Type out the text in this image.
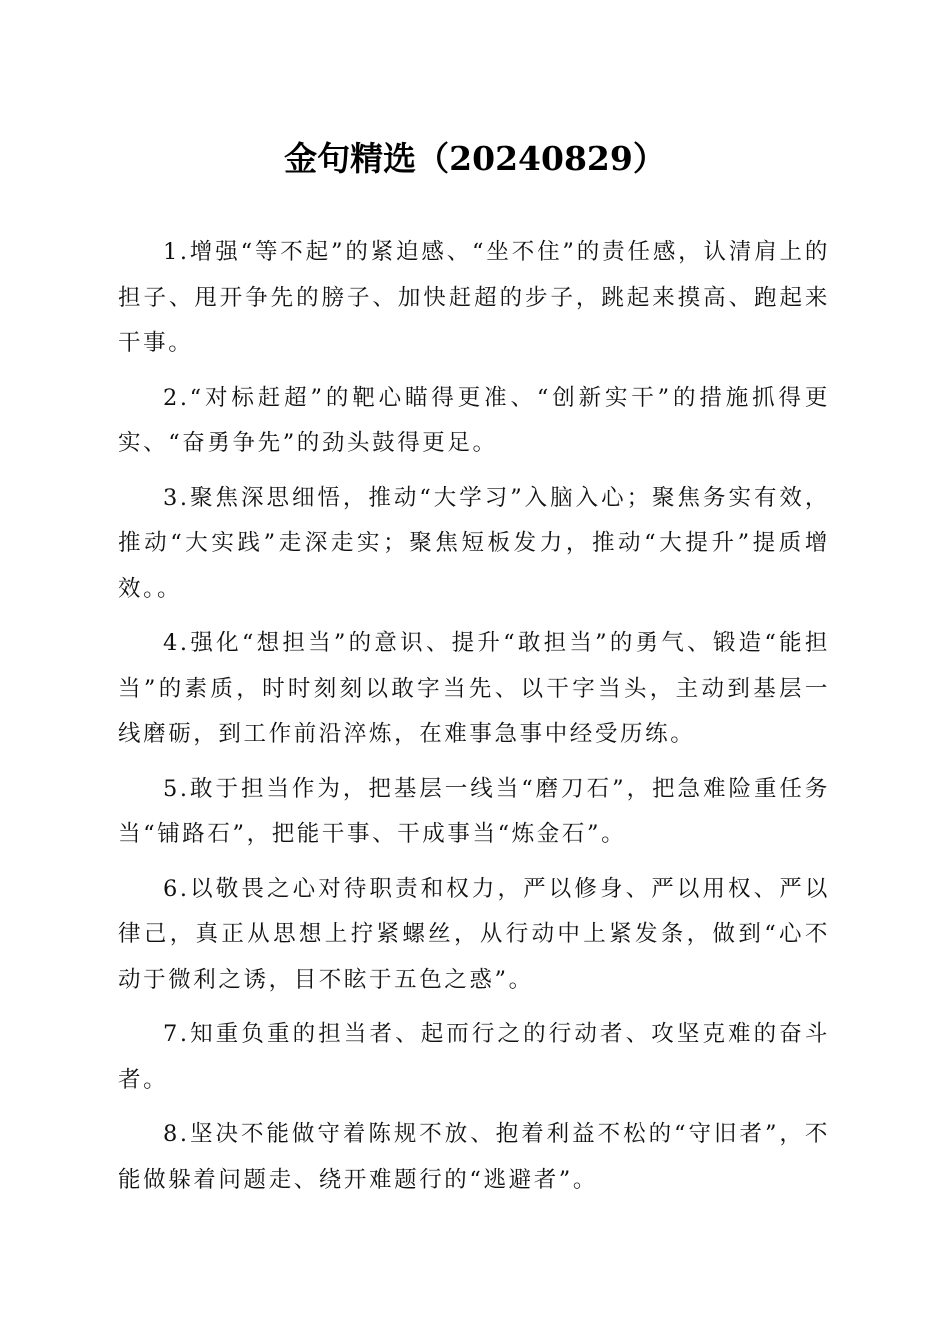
金句精选（20240829）

1.增强“等不起”的紧迫感、“坐不住”的责任感，认清肩上的担子、甩开争先的膀子、加快赶超的步子，跳起来摸高、跑起来干事。

2.“对标赶超”的靶心瞄得更准、“创新实干”的措施抓得更实、“奋勇争先”的劲头鼓得更足。

3.聚焦深思细悟，推动“大学习”入脑入心；聚焦务实有效，推动“大实践”走深走实；聚焦短板发力，推动“大提升”提质增效。。

4.强化“想担当”的意识、提升“敢担当”的勇气、锻造“能担当”的素质，时时刻刻以敢字当先、以干字当头，主动到基层一线磨砺，到工作前沿淬炼，在难事急事中经受历练。

5.敢于担当作为，把基层一线当“磨刀石”，把急难险重任务当“铺路石”，把能干事、干成事当“炼金石”。

6.以敬畏之心对待职责和权力，严以修身、严以用权、严以律己，真正从思想上拧紧螺丝，从行动中上紧发条，做到“心不动于微利之诱，目不眩于五色之惑”。

7.知重负重的担当者、起而行之的行动者、攻坚克难的奋斗者。

8.坚决不能做守着陈规不放、抱着利益不松的“守旧者”，不能做躲着问题走、绕开难题行的“逃避者”。
